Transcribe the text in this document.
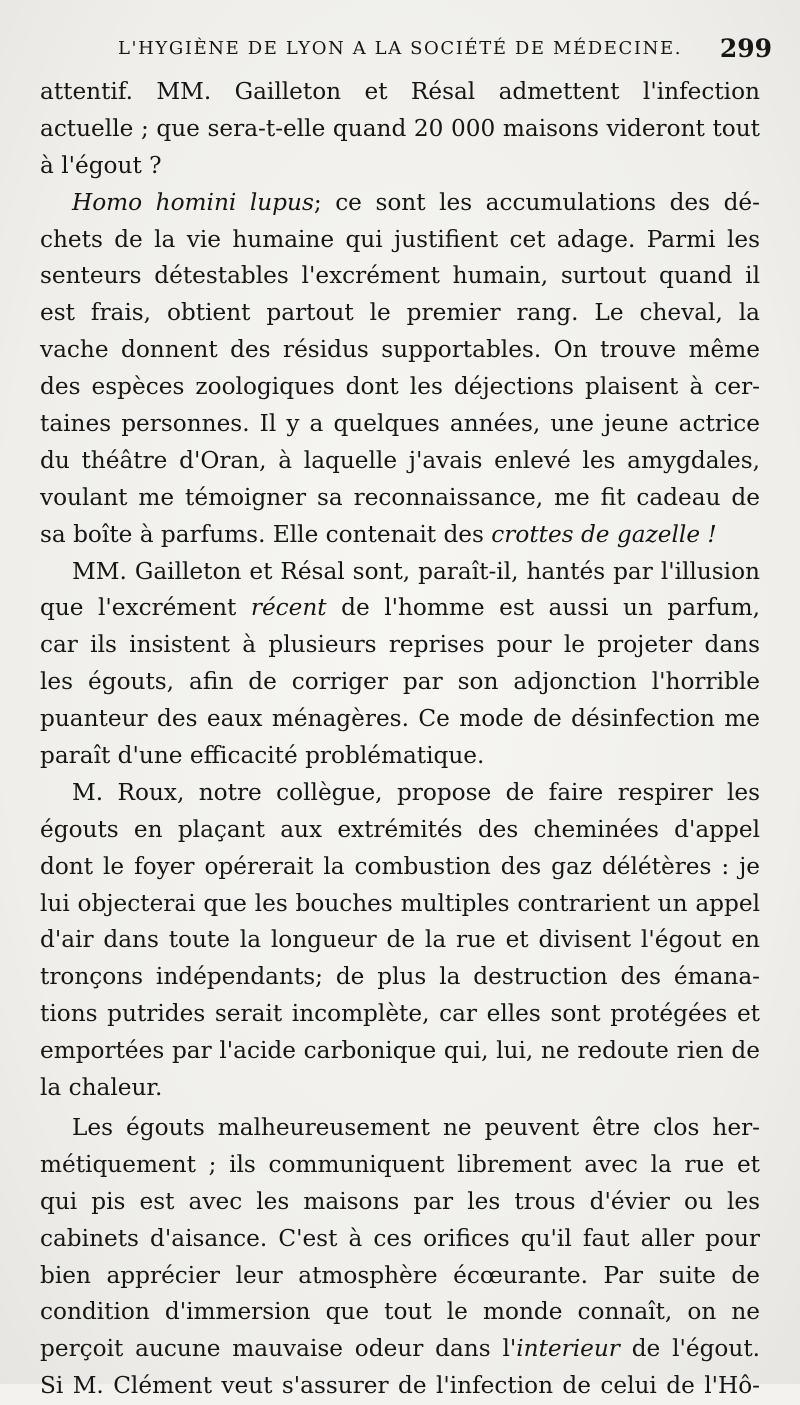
L'HYGIÈNE DE LYON A LA SOCIÉTÉ DE MÉDECINE. 299
attentif. MM. Gailleton et Résal admettent l'infection
actuelle ; que sera-t-elle quand 20 000 maisons videront tout
à l'égout ?
Homo homini lupus; ce sont les accumulations des dé-
chets de la vie humaine qui justifient cet adage. Parmi les
senteurs détestables l'excrément humain, surtout quand il
est frais, obtient partout le premier rang. Le cheval, la
vache donnent des résidus supportables. On trouve même
des espèces zoologiques dont les déjections plaisent à cer-
taines personnes. Il y a quelques années, une jeune actrice
du théâtre d'Oran, à laquelle j'avais enlevé les amygdales,
voulant me témoigner sa reconnaissance, me fit cadeau de
sa boîte à parfums. Elle contenait des crottes de gazelle !
MM. Gailleton et Résal sont, paraît-il, hantés par l'illusion
que l'excrément récent de l'homme est aussi un parfum,
car ils insistent à plusieurs reprises pour le projeter dans
les égouts, afin de corriger par son adjonction l'horrible
puanteur des eaux ménagères. Ce mode de désinfection me
paraît d'une efficacité problématique.
M. Roux, notre collègue, propose de faire respirer les
égouts en plaçant aux extrémités des cheminées d'appel
dont le foyer opérerait la combustion des gaz délétères : je
lui objecterai que les bouches multiples contrarient un appel
d'air dans toute la longueur de la rue et divisent l'égout en
tronçons indépendants; de plus la destruction des émana-
tions putrides serait incomplète, car elles sont protégées et
emportées par l'acide carbonique qui, lui, ne redoute rien de
la chaleur.
Les égouts malheureusement ne peuvent être clos her-
métiquement ; ils communiquent librement avec la rue et
qui pis est avec les maisons par les trous d'évier ou les
cabinets d'aisance. C'est à ces orifices qu'il faut aller pour
bien apprécier leur atmosphère écœurante. Par suite de
condition d'immersion que tout le monde connaît, on ne
perçoit aucune mauvaise odeur dans l'interieur de l'égout.
Si M. Clément veut s'assurer de l'infection de celui de l'Hô-
